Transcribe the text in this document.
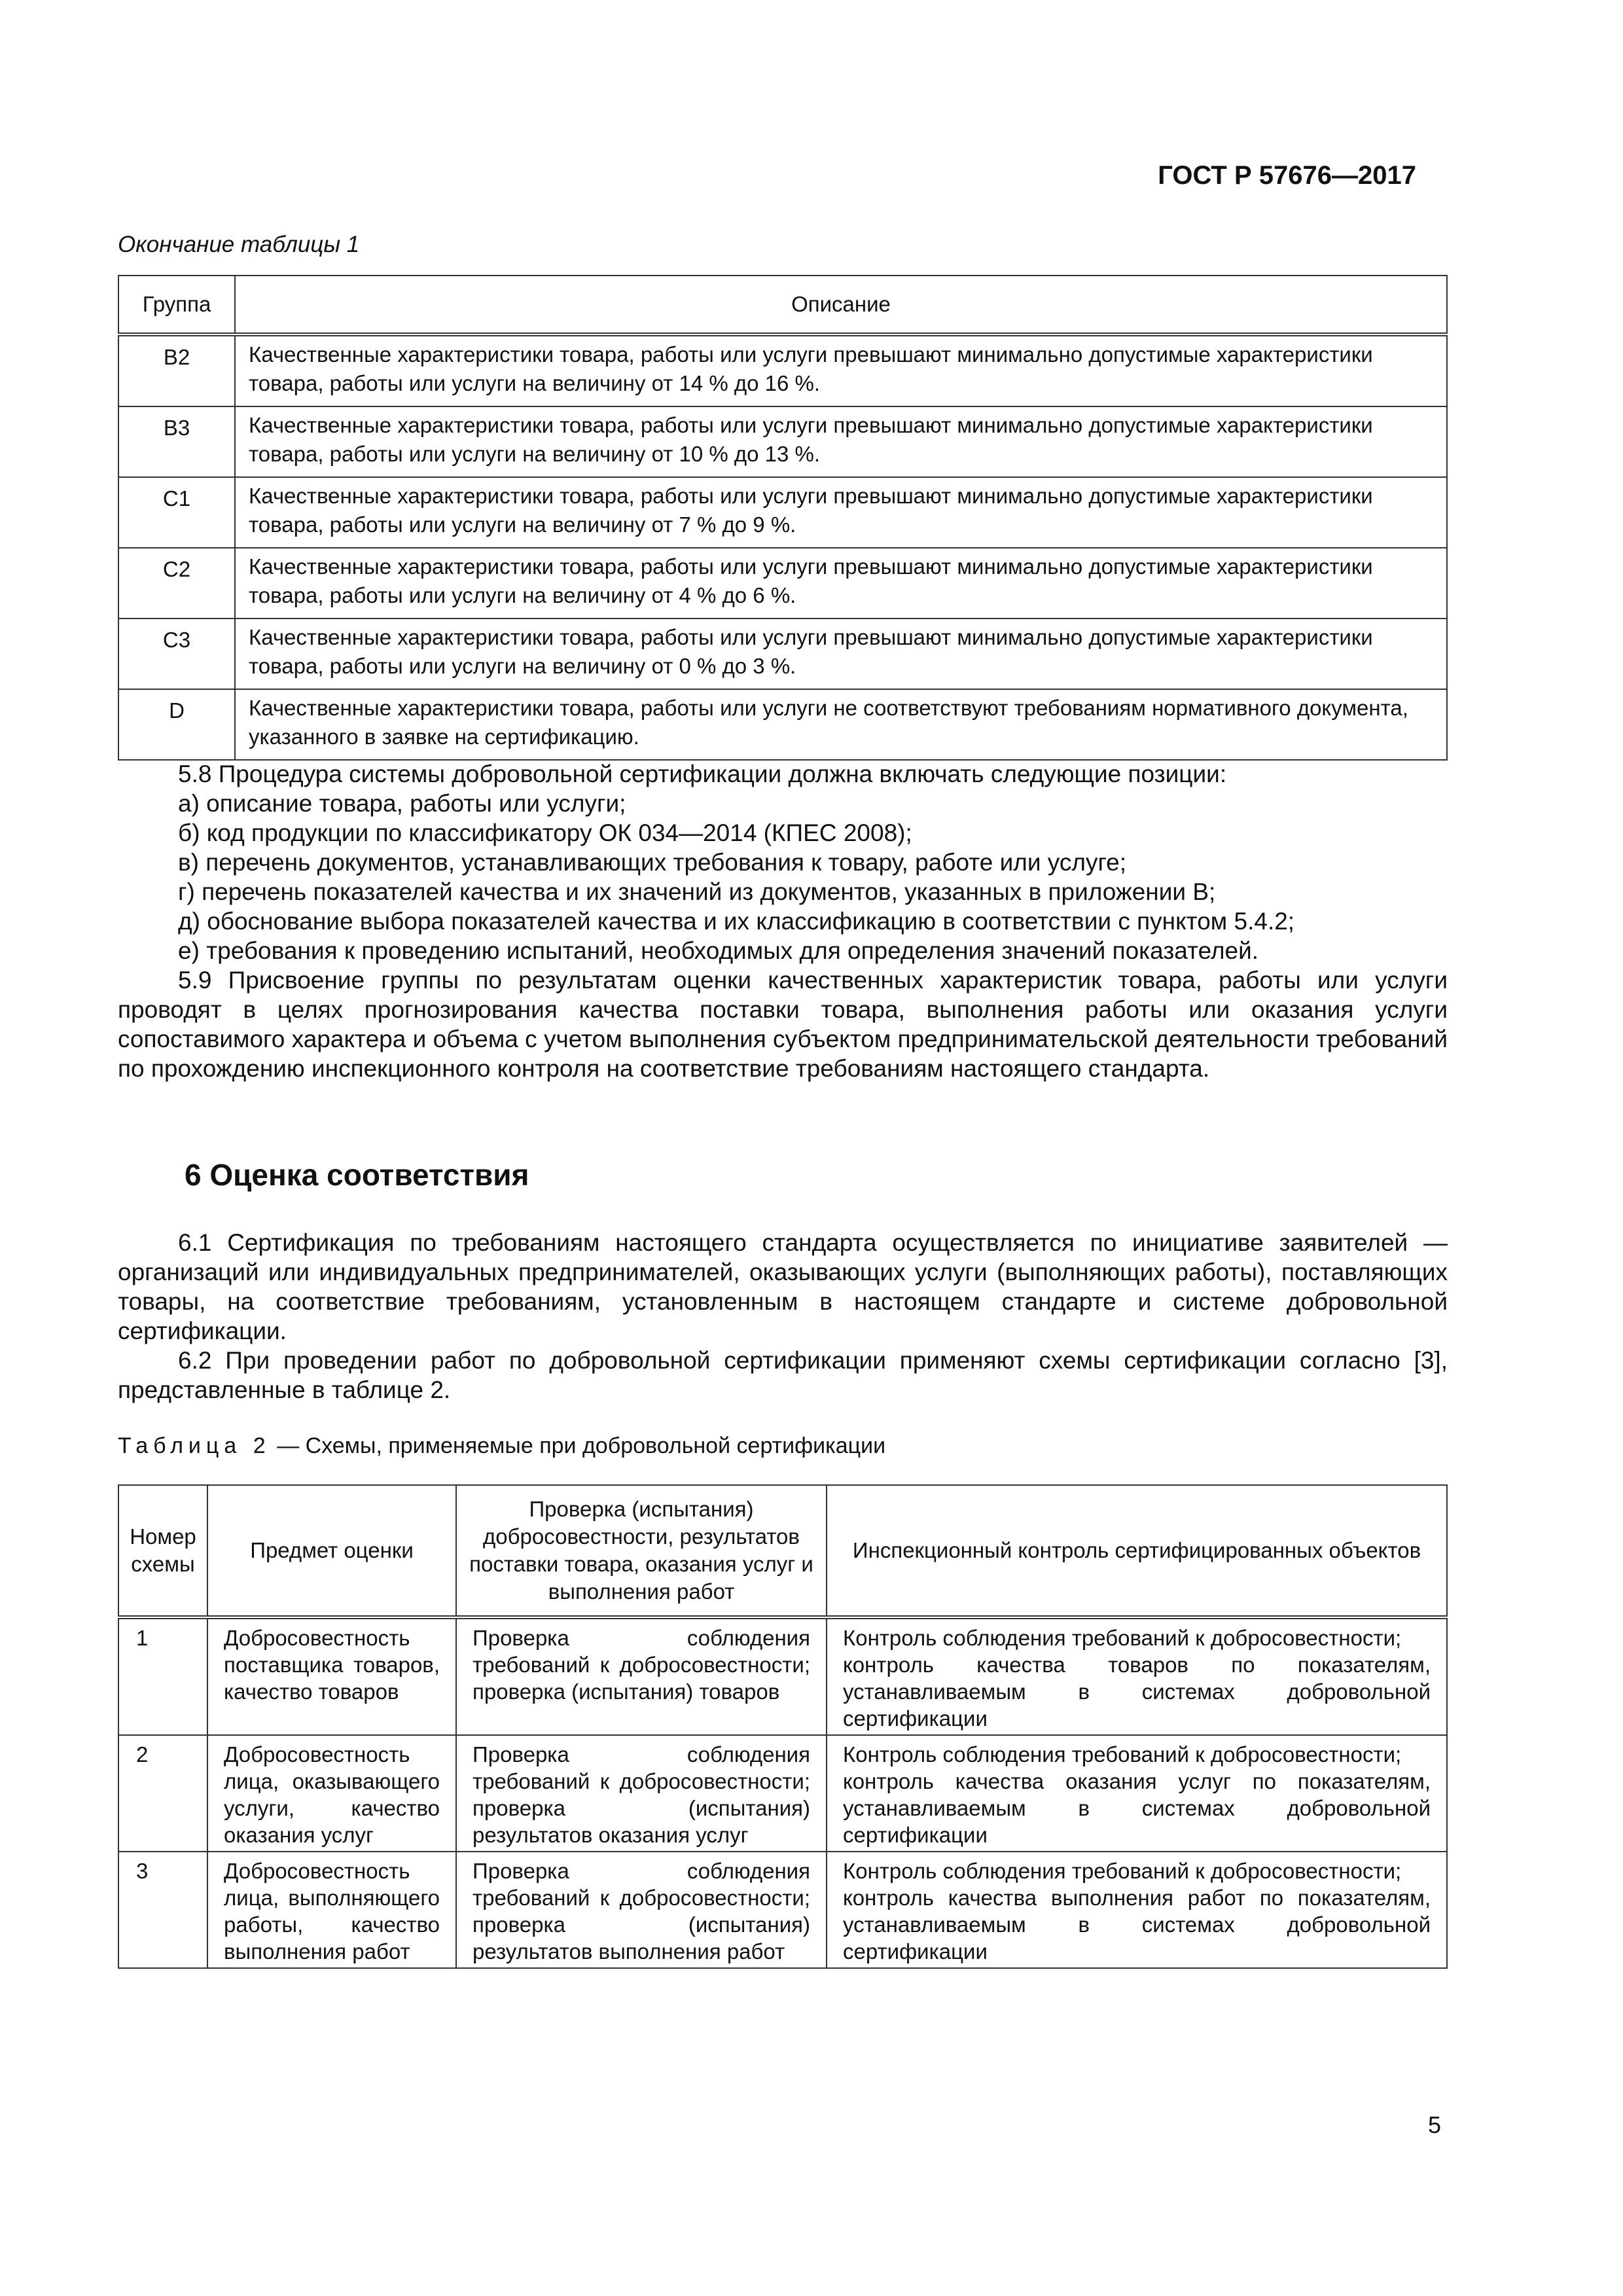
ГОСТ Р 57676—2017
Окончание таблицы 1
Группа	Описание
B2	Качественные характеристики товара, работы или услуги превышают минимально допустимые характеристики товара, работы или услуги на величину от 14 % до 16 %.
B3	Качественные характеристики товара, работы или услуги превышают минимально допустимые характеристики товара, работы или услуги на величину от 10 % до 13 %.
C1	Качественные характеристики товара, работы или услуги превышают минимально допустимые характеристики товара, работы или услуги на величину от 7 % до 9 %.
C2	Качественные характеристики товара, работы или услуги превышают минимально допустимые характеристики товара, работы или услуги на величину от 4 % до 6 %.
C3	Качественные характеристики товара, работы или услуги превышают минимально допустимые характеристики товара, работы или услуги на величину от 0 % до 3 %.
D	Качественные характеристики товара, работы или услуги не соответствуют требованиям нормативного документа, указанного в заявке на сертификацию.

5.8 Процедура системы добровольной сертификации должна включать следующие позиции:

а) описание товара, работы или услуги;

б) код продукции по классификатору ОК 034—2014 (КПЕС 2008);

в) перечень документов, устанавливающих требования к товару, работе или услуге;

г) перечень показателей качества и их значений из документов, указанных в приложении В;

д) обоснование выбора показателей качества и их классификацию в соответствии с пунктом 5.4.2;

е) требования к проведению испытаний, необходимых для определения значений показателей.

5.9 Присвоение группы по результатам оценки качественных характеристик товара, работы или услуги проводят в целях прогнозирования качества поставки товара, выполнения работы или оказания услуги сопоставимого характера и объема с учетом выполнения субъектом предпринимательской деятельности требований по прохождению инспекционного контроля на соответствие требованиям настоящего стандарта.

6 Оценка соответствия

6.1 Сертификация по требованиям настоящего стандарта осуществляется по инициативе заявителей — организаций или индивидуальных предпринимателей, оказывающих услуги (выполняющих работы), поставляющих товары, на соответствие требованиям, установленным в настоящем стандарте и системе добровольной сертификации.

6.2 При проведении работ по добровольной сертификации применяют схемы сертификации согласно [3], представленные в таблице 2.

Таблица 2 — Схемы, применяемые при добровольной сертификации
Номер схемы	Предмет оценки	Проверка (испытания) добросовестности, результатов поставки товара, оказания услуг и выполнения работ	Инспекционный контроль сертифицированных объектов
1	Добросовестность поставщика товаров, качество товаров	Проверка соблюдения требований к добросовестности; проверка (испытания) товаров	Контроль соблюдения требований к добросовестности;
контроль качества товаров по показателям, устанавливаемым в системах добровольной сертификации

2	Добросовестность лица, оказывающего услуги, качество оказания услуг	Проверка соблюдения требований к добросовестности; проверка (испытания) результатов оказания услуг	Контроль соблюдения требований к добросовестности;
контроль качества оказания услуг по показателям, устанавливаемым в системах добровольной сертификации

3	Добросовестность лица, выполняющего работы, качество выполнения работ	Проверка соблюдения требований к добросовестности; проверка (испытания) результатов выполнения работ	Контроль соблюдения требований к добросовестности;
контроль качества выполнения работ по показателям, устанавливаемым в системах добровольной сертификации
5
